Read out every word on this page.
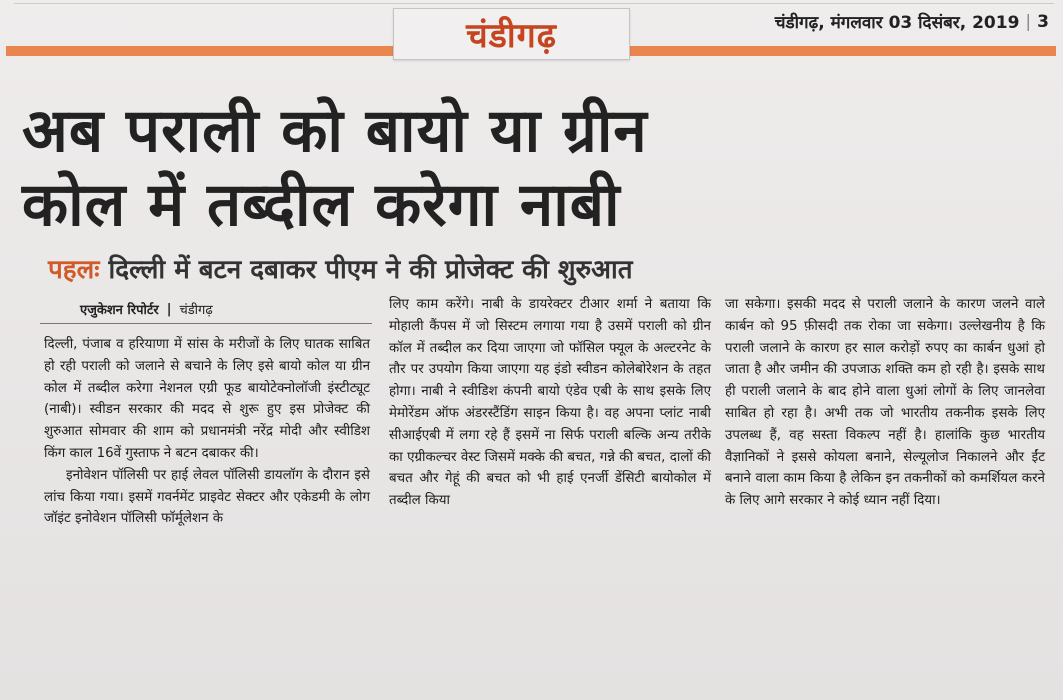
चंडीगढ़	चंडीगढ़, मंगलवार 03 दिसंबर, 2019 | 3
अब पराली को बायो या ग्रीन
कोल में तब्दील करेगा नाबी
पहलः दिल्ली में बटन दबाकर पीएम ने की प्रोजेक्ट की शुरुआत
एजुकेशन रिपोर्टर | चंडीगढ़

दिल्ली, पंजाब व हरियाणा में सांस के मरीजों के लिए घातक साबित हो रही पराली को जलाने से बचाने के लिए इसे बायो कोल या ग्रीन कोल में तब्दील करेगा नेशनल एग्री फूड बायोटेक्नोलॉजी इंस्टीट्यूट (नाबी)। स्वीडन सरकार की मदद से शुरू हुए इस प्रोजेक्ट की शुरुआत सोमवार की शाम को प्रधानमंत्री नरेंद्र मोदी और स्वीडिश किंग काल 16वें गुस्ताफ ने बटन दबाकर की।

इनोवेशन पॉलिसी पर हाई लेवल पॉलिसी डायलॉग के दौरान इसे लांच किया गया। इसमें गवर्नमेंट प्राइवेट सेक्टर और एकेडमी के लोग जॉइंट इनोवेशन पॉलिसी फॉर्मूलेशन के

लिए काम करेंगे। नाबी के डायरेक्टर टीआर शर्मा ने बताया कि मोहाली कैंपस में जो सिस्टम लगाया गया है उसमें पराली को ग्रीन कॉल में तब्दील कर दिया जाएगा जो फॉसिल फ्यूल के अल्टरनेट के तौर पर उपयोग किया जाएगा यह इंडो स्वीडन कोलेबोरेशन के तहत होगा। नाबी ने स्वीडिश कंपनी बायो एंडेव एबी के साथ इसके लिए मेमोरेंडम ऑफ अंडरस्टैंडिंग साइन किया है। वह अपना प्लांट नाबी सीआईएबी में लगा रहे हैं इसमें ना सिर्फ पराली बल्कि अन्य तरीके का एग्रीकल्चर वेस्ट जिसमें मक्के की बचत, गन्ने की बचत, दालों की बचत और गेहूं की बचत को भी हाई एनर्जी डेंसिटी बायोकोल में तब्दील किया

जा सकेगा। इसकी मदद से पराली जलाने के कारण जलने वाले कार्बन को 95 फ़ीसदी तक रोका जा सकेगा। उल्लेखनीय है कि पराली जलाने के कारण हर साल करोड़ों रुपए का कार्बन धुआं हो जाता है और जमीन की उपजाऊ शक्ति कम हो रही है। इसके साथ ही पराली जलाने के बाद होने वाला धुआं लोगों के लिए जानलेवा साबित हो रहा है। अभी तक जो भारतीय तकनीक इसके लिए उपलब्ध हैं, वह सस्ता विकल्प नहीं है। हालांकि कुछ भारतीय वैज्ञानिकों ने इससे कोयला बनाने, सेल्यूलोज निकालने और ईंट बनाने वाला काम किया है लेकिन इन तकनीकों को कमर्शियल करने के लिए आगे सरकार ने कोई ध्यान नहीं दिया।
